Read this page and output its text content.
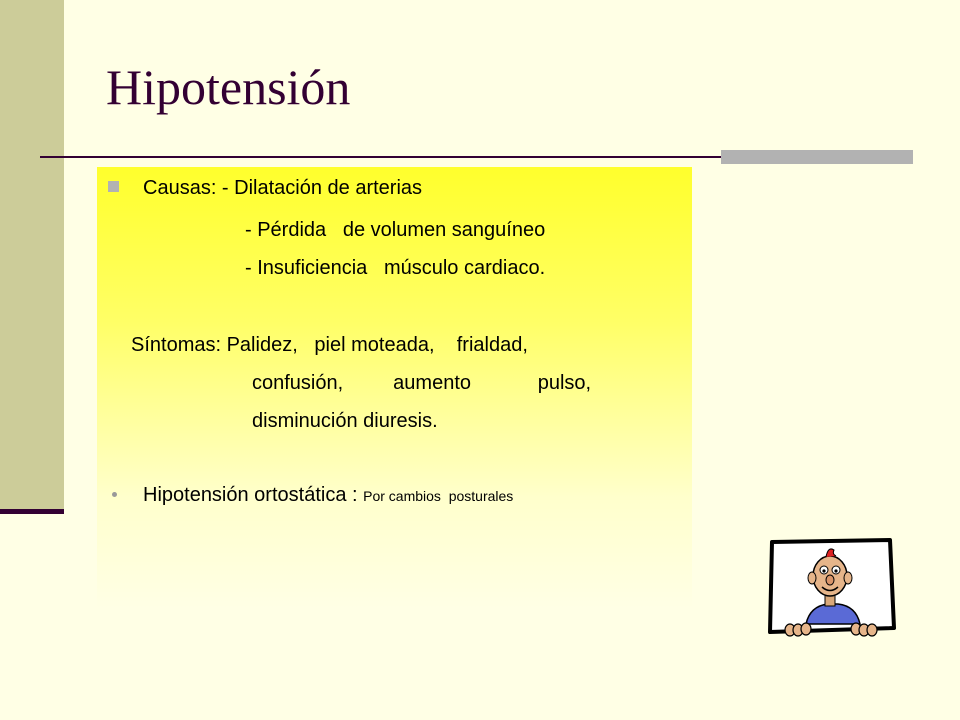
Hipotensión
Causas: - Dilatación de arterias
- Pérdida   de volumen sanguíneo
- Insuficiencia   músculo cardiaco.
Síntomas: Palidez,   piel moteada,    frialdad,
confusión,         aumento            pulso,
disminución diuresis.
Hipotensión ortostática : Por cambios  posturales
